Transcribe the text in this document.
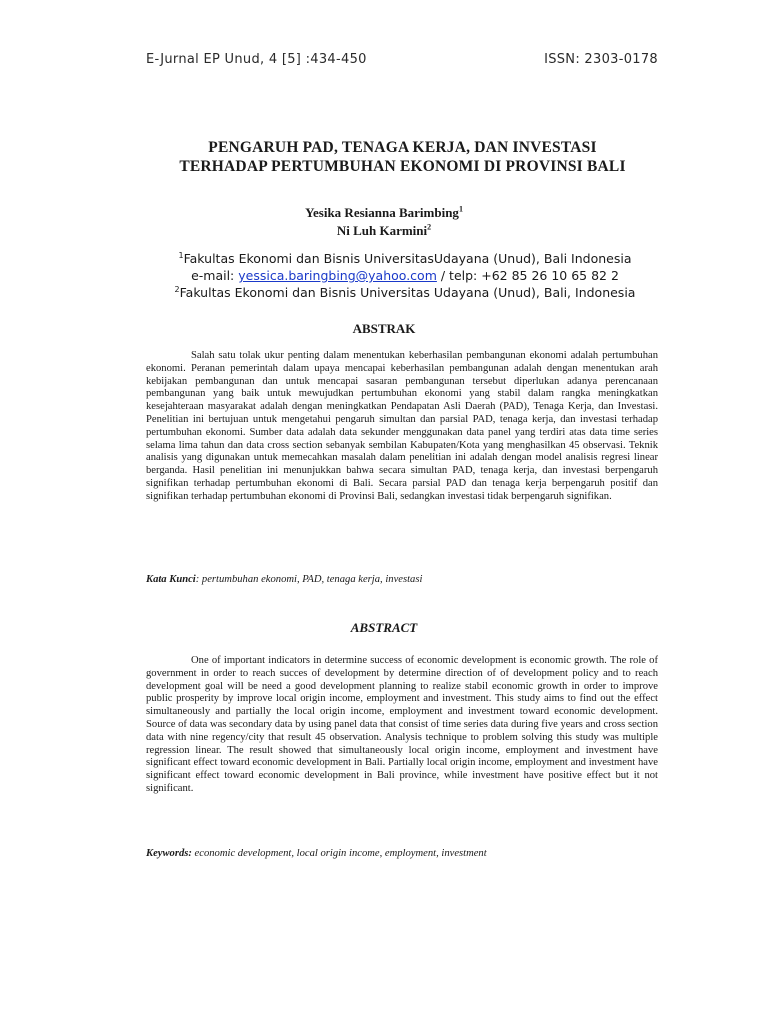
E-Jurnal EP Unud, 4 [5] :434-450	ISSN: 2303-0178
PENGARUH PAD, TENAGA KERJA, DAN INVESTASI
TERHADAP PERTUMBUHAN EKONOMI DI PROVINSI BALI
Yesika Resianna Barimbing$^1$
Ni Luh Karmini$^2$
$^1$Fakultas Ekonomi dan Bisnis UniversitasUdayana (Unud), Bali Indonesia
e-mail: yessica.baringbing@yahoo.com / telp: +62 85 26 10 65 82 2
$^2$Fakultas Ekonomi dan Bisnis Universitas Udayana (Unud), Bali, Indonesia
ABSTRAK
Salah satu tolak ukur penting dalam menentukan keberhasilan pembangunan ekonomi adalah pertumbuhan ekonomi. Peranan pemerintah dalam upaya mencapai keberhasilan pembangunan adalah dengan menentukan arah kebijakan pembangunan dan untuk mencapai sasaran pembangunan tersebut diperlukan adanya perencanaan pembangunan yang baik untuk mewujudkan pertumbuhan ekonomi yang stabil dalam rangka meningkatkan kesejahteraan masyarakat adalah dengan meningkatkan Pendapatan Asli Daerah (PAD), Tenaga Kerja, dan Investasi. Penelitian ini bertujuan untuk mengetahui pengaruh simultan dan parsial PAD, tenaga kerja, dan investasi terhadap pertumbuhan ekonomi. Sumber data adalah data sekunder menggunakan data panel yang terdiri atas data time series selama lima tahun dan data cross section sebanyak sembilan Kabupaten/Kota yang menghasilkan 45 observasi. Teknik analisis yang digunakan untuk memecahkan masalah dalam penelitian ini adalah dengan model analisis regresi linear berganda. Hasil penelitian ini menunjukkan bahwa secara simultan PAD, tenaga kerja, dan investasi berpengaruh signifikan terhadap pertumbuhan ekonomi di Bali. Secara parsial PAD dan tenaga kerja berpengaruh positif dan signifikan terhadap pertumbuhan ekonomi di Provinsi Bali, sedangkan investasi tidak berpengaruh signifikan.
Kata Kunci: pertumbuhan ekonomi, PAD, tenaga kerja, investasi
ABSTRACT
One of important indicators in determine success of economic development is economic growth. The role of government in order to reach succes of development by determine direction of of development policy and to reach development goal will be need a good development planning to realize stabil economic growth in order to improve public prosperity by improve local origin income, employment and investment. This study aims to find out the effect simultaneously and partially the local origin income, employment and investment toward economic development. Source of data was secondary data by using panel data that consist of time series data during five years and cross section data with nine regency/city that result 45 observation. Analysis technique to problem solving this study was multiple regression linear. The result showed that simultaneously local origin income, employment and investment have significant effect toward economic development in Bali. Partially local origin income, employment and investment have significant effect toward economic development in Bali province, while investment have positive effect but it not significant.
Keywords: economic development, local origin income, employment, investment
